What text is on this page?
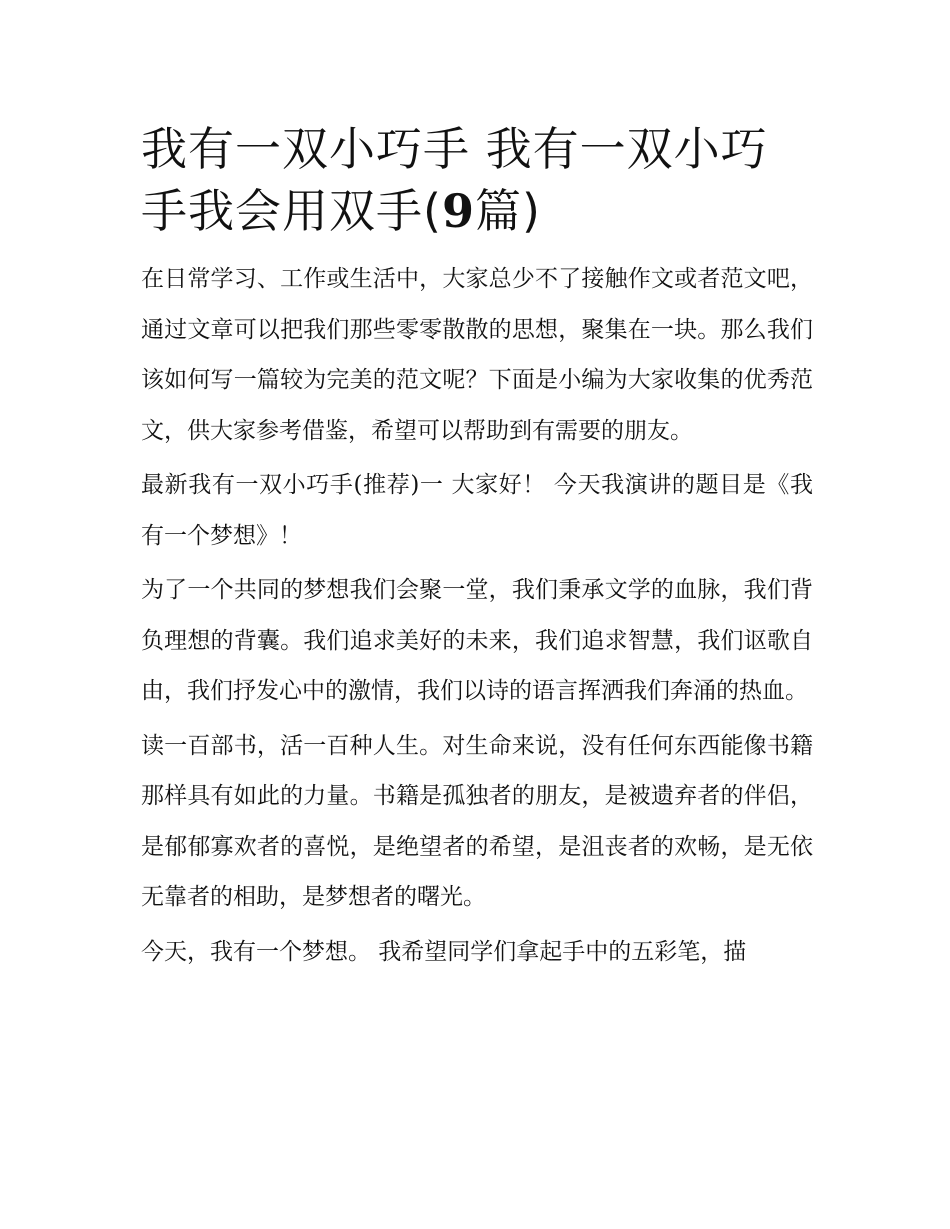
我有一双小巧手 我有一双小巧手我会用双手(9篇)

在日常学习、工作或生活中，大家总少不了接触作文或者范文吧，通过文章可以把我们那些零零散散的思想，聚集在一块。那么我们该如何写一篇较为完美的范文呢？下面是小编为大家收集的优秀范文，供大家参考借鉴，希望可以帮助到有需要的朋友。

最新我有一双小巧手(推荐)一 大家好！ 今天我演讲的题目是《我有一个梦想》！

为了一个共同的梦想我们会聚一堂，我们秉承文学的血脉，我们背负理想的背囊。我们追求美好的未来，我们追求智慧，我们讴歌自由，我们抒发心中的激情，我们以诗的语言挥洒我们奔涌的热血。

读一百部书，活一百种人生。对生命来说，没有任何东西能像书籍那样具有如此的力量。书籍是孤独者的朋友，是被遗弃者的伴侣，是郁郁寡欢者的喜悦，是绝望者的希望，是沮丧者的欢畅，是无依无靠者的相助，是梦想者的曙光。

今天，我有一个梦想。 我希望同学们拿起手中的五彩笔，描
